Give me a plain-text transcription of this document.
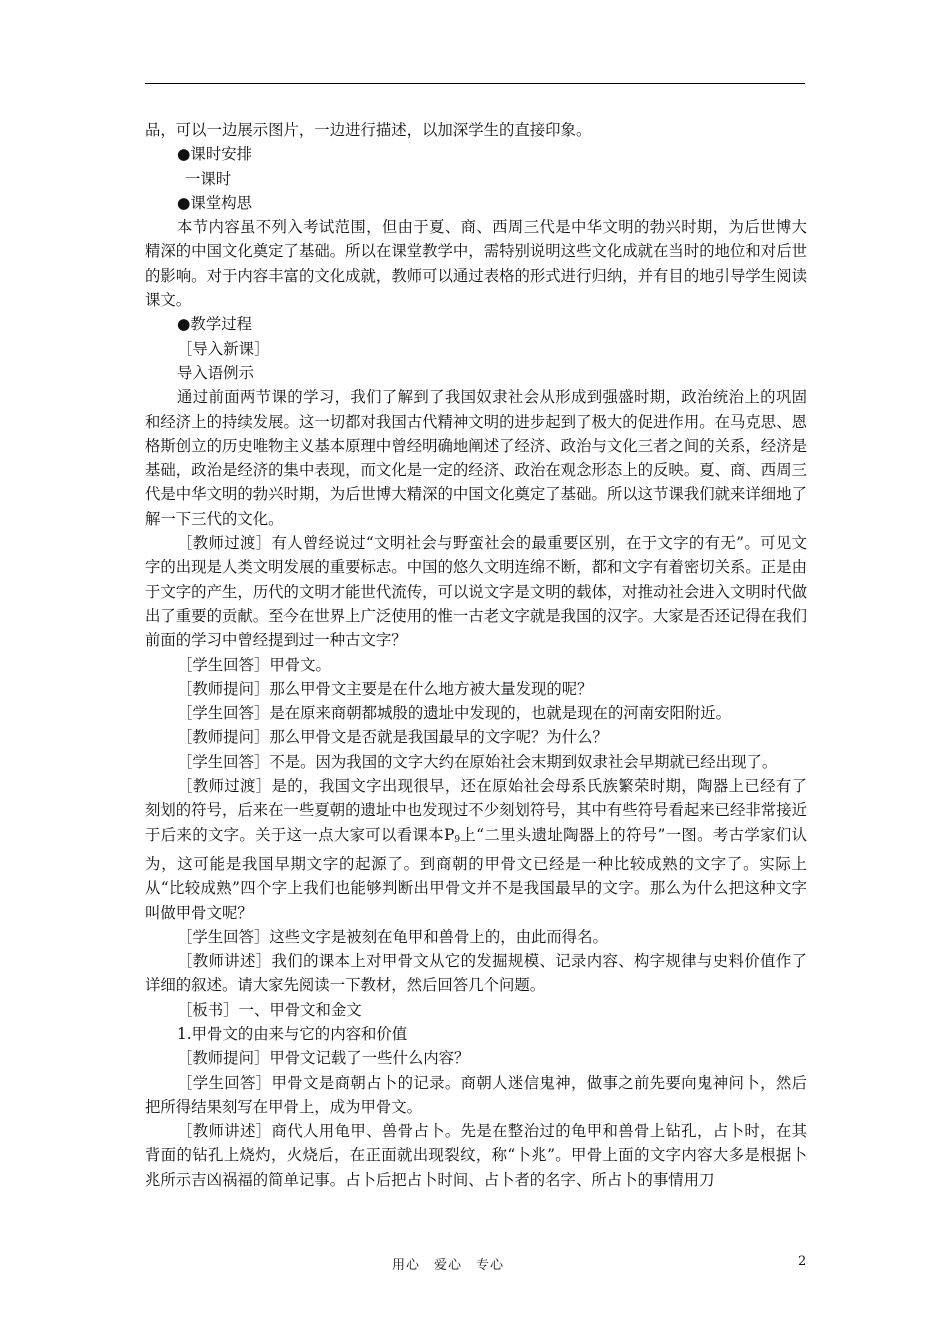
品，可以一边展示图片，一边进行描述，以加深学生的直接印象。

●课时安排

一课时

●课堂构思

本节内容虽不列入考试范围，但由于夏、商、西周三代是中华文明的勃兴时期，为后世博大精深的中国文化奠定了基础。所以在课堂教学中，需特别说明这些文化成就在当时的地位和对后世的影响。对于内容丰富的文化成就，教师可以通过表格的形式进行归纳，并有目的地引导学生阅读课文。

●教学过程

［导入新课］

导入语例示

通过前面两节课的学习，我们了解到了我国奴隶社会从形成到强盛时期，政治统治上的巩固和经济上的持续发展。这一切都对我国古代精神文明的进步起到了极大的促进作用。在马克思、恩格斯创立的历史唯物主义基本原理中曾经明确地阐述了经济、政治与文化三者之间的关系，经济是基础，政治是经济的集中表现，而文化是一定的经济、政治在观念形态上的反映。夏、商、西周三代是中华文明的勃兴时期，为后世博大精深的中国文化奠定了基础。所以这节课我们就来详细地了解一下三代的文化。

［教师过渡］有人曾经说过“文明社会与野蛮社会的最重要区别，在于文字的有无”。可见文字的出现是人类文明发展的重要标志。中国的悠久文明连绵不断，都和文字有着密切关系。正是由于文字的产生，历代的文明才能世代流传，可以说文字是文明的载体，对推动社会进入文明时代做出了重要的贡献。至今在世界上广泛使用的惟一古老文字就是我国的汉字。大家是否还记得在我们前面的学习中曾经提到过一种古文字？

［学生回答］甲骨文。

［教师提问］那么甲骨文主要是在什么地方被大量发现的呢？

［学生回答］是在原来商朝都城殷的遗址中发现的，也就是现在的河南安阳附近。

［教师提问］那么甲骨文是否就是我国最早的文字呢？为什么？

［学生回答］不是。因为我国的文字大约在原始社会末期到奴隶社会早期就已经出现了。

［教师过渡］是的，我国文字出现很早，还在原始社会母系氏族繁荣时期，陶器上已经有了刻划的符号，后来在一些夏朝的遗址中也发现过不少刻划符号，其中有些符号看起来已经非常接近于后来的文字。关于这一点大家可以看课本$P_9$上“二里头遗址陶器上的符号”一图。考古学家们认为，这可能是我国早期文字的起源了。到商朝的甲骨文已经是一种比较成熟的文字了。实际上从“比较成熟”四个字上我们也能够判断出甲骨文并不是我国最早的文字。那么为什么把这种文字叫做甲骨文呢？

［学生回答］这些文字是被刻在龟甲和兽骨上的，由此而得名。

［教师讲述］我们的课本上对甲骨文从它的发掘规模、记录内容、构字规律与史料价值作了详细的叙述。请大家先阅读一下教材，然后回答几个问题。

［板书］一、甲骨文和金文

1.甲骨文的由来与它的内容和价值

［教师提问］甲骨文记载了一些什么内容？

［学生回答］甲骨文是商朝占卜的记录。商朝人迷信鬼神，做事之前先要向鬼神问卜，然后把所得结果刻写在甲骨上，成为甲骨文。

［教师讲述］商代人用龟甲、兽骨占卜。先是在整治过的龟甲和兽骨上钻孔，占卜时，在其背面的钻孔上烧灼，火烧后，在正面就出现裂纹，称“卜兆”。甲骨上面的文字内容大多是根据卜兆所示吉凶祸福的简单记事。占卜后把占卜时间、占卜者的名字、所占卜的事情用刀

用心　爱心　专心	2
